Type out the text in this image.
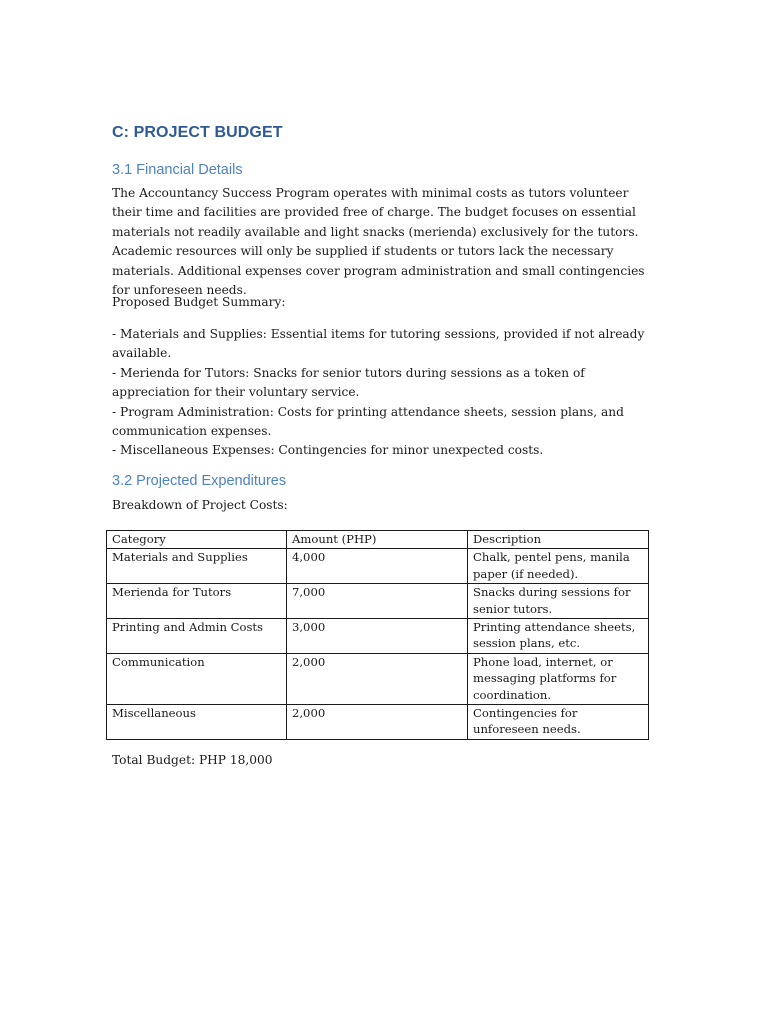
C: PROJECT BUDGET
3.1 Financial Details

The Accountancy Success Program operates with minimal costs as tutors volunteer their time and facilities are provided free of charge. The budget focuses on essential materials not readily available and light snacks (merienda) exclusively for the tutors. Academic resources will only be supplied if students or tutors lack the necessary materials. Additional expenses cover program administration and small contingencies for unforeseen needs.

Proposed Budget Summary:

- Materials and Supplies: Essential items for tutoring sessions, provided if not already available.
- Merienda for Tutors: Snacks for senior tutors during sessions as a token of appreciation for their voluntary service.
- Program Administration: Costs for printing attendance sheets, session plans, and communication expenses.
- Miscellaneous Expenses: Contingencies for minor unexpected costs.

3.2 Projected Expenditures

Breakdown of Project Costs:

Category	Amount (PHP)	Description
Materials and Supplies	4,000	Chalk, pentel pens, manila paper (if needed).
Merienda for Tutors	7,000	Snacks during sessions for senior tutors.
Printing and Admin Costs	3,000	Printing attendance sheets, session plans, etc.
Communication	2,000	Phone load, internet, or messaging platforms for coordination.
Miscellaneous	2,000	Contingencies for unforeseen needs.

Total Budget: PHP 18,000
